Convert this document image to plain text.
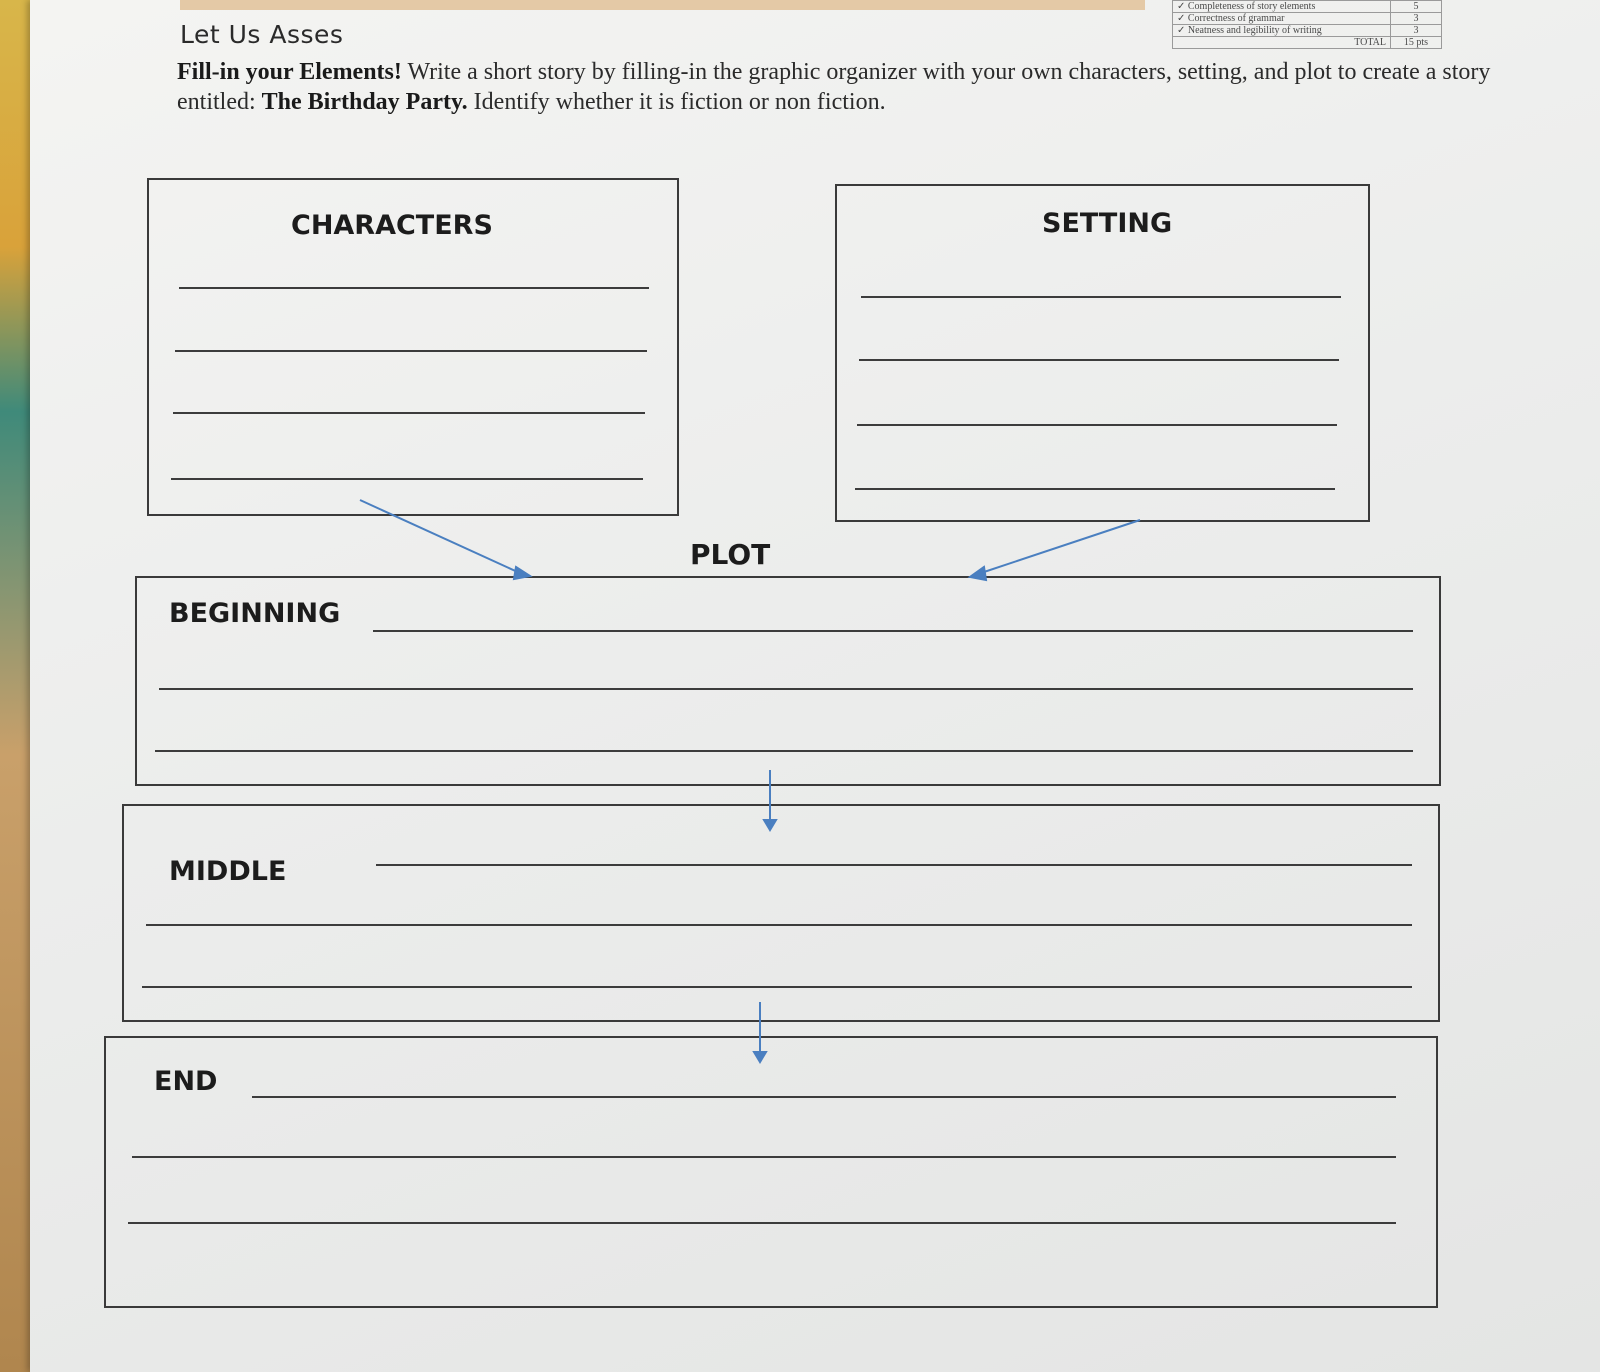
✓ Completeness of story elements	5
✓ Correctness of grammar	3
✓ Neatness and legibility of writing	3
TOTAL	15 pts
Let Us Asses
Fill-in your Elements! Write a short story by filling-in the graphic organizer with your own characters, setting, and plot to create a story entitled: The Birthday Party. Identify whether it is fiction or non fiction.
CHARACTERS	SETTING
PLOT
BEGINNING
MIDDLE
END
